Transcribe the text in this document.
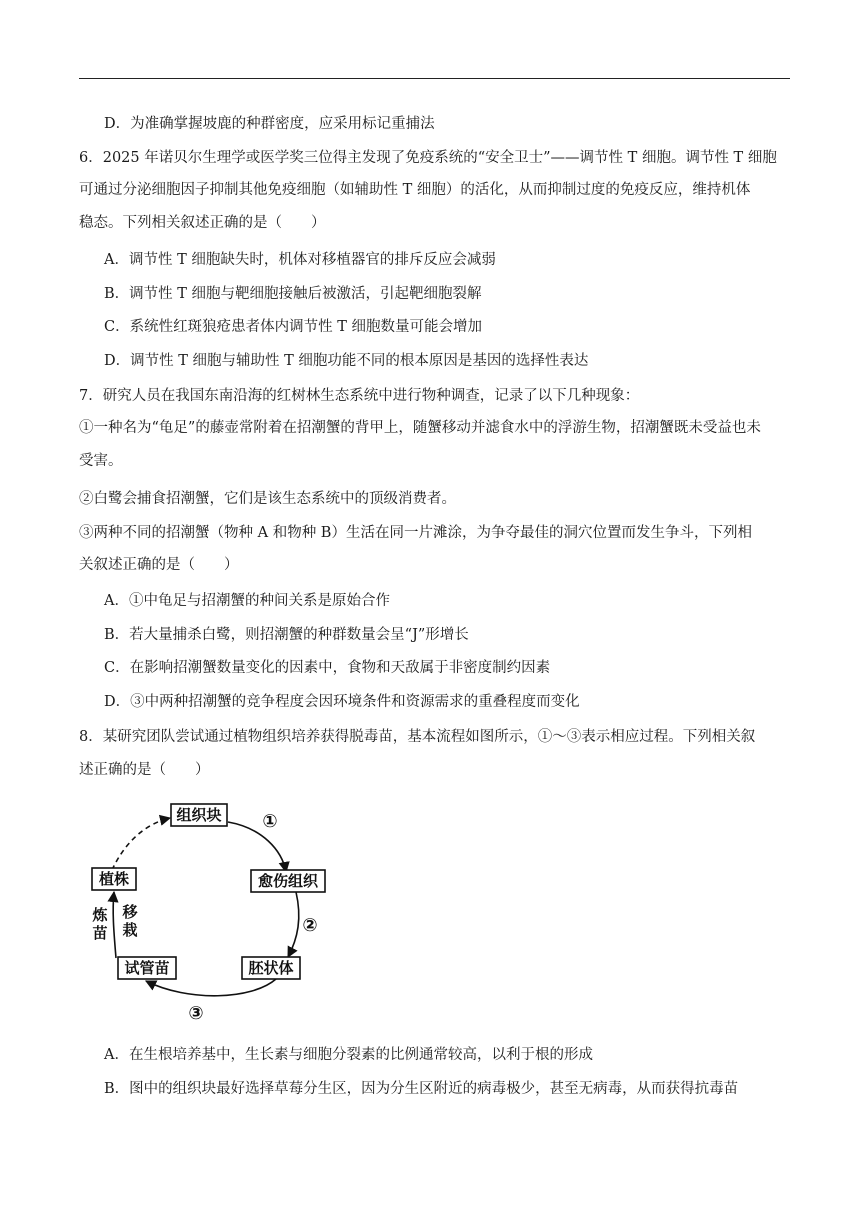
D．为准确掌握坡鹿的种群密度，应采用标记重捕法
6．2025 年诺贝尔生理学或医学奖三位得主发现了免疫系统的“安全卫士”——调节性 T 细胞。调节性 T 细胞
可通过分泌细胞因子抑制其他免疫细胞（如辅助性 T 细胞）的活化，从而抑制过度的免疫反应，维持机体
稳态。下列相关叙述正确的是（　　）
A．调节性 T 细胞缺失时，机体对移植器官的排斥反应会减弱
B．调节性 T 细胞与靶细胞接触后被激活，引起靶细胞裂解
C．系统性红斑狼疮患者体内调节性 T 细胞数量可能会增加
D．调节性 T 细胞与辅助性 T 细胞功能不同的根本原因是基因的选择性表达
7．研究人员在我国东南沿海的红树林生态系统中进行物种调查，记录了以下几种现象：
①一种名为“龟足”的藤壶常附着在招潮蟹的背甲上，随蟹移动并滤食水中的浮游生物，招潮蟹既未受益也未
受害。
②白鹭会捕食招潮蟹，它们是该生态系统中的顶级消费者。
③两种不同的招潮蟹（物种 A 和物种 B）生活在同一片滩涂，为争夺最佳的洞穴位置而发生争斗，下列相
关叙述正确的是（　　）
A．①中龟足与招潮蟹的种间关系是原始合作
B．若大量捕杀白鹭，则招潮蟹的种群数量会呈“J”形增长
C．在影响招潮蟹数量变化的因素中，食物和天敌属于非密度制约因素
D．③中两种招潮蟹的竞争程度会因环境条件和资源需求的重叠程度而变化
8．某研究团队尝试通过植物组织培养获得脱毒苗，基本流程如图所示，①～③表示相应过程。下列相关叙
述正确的是（　　）
组织块
愈伤组织
胚状体
试管苗
植株
①
②
③
炼
苗
移
栽
A．在生根培养基中，生长素与细胞分裂素的比例通常较高，以利于根的形成
B．图中的组织块最好选择草莓分生区，因为分生区附近的病毒极少，甚至无病毒，从而获得抗毒苗
